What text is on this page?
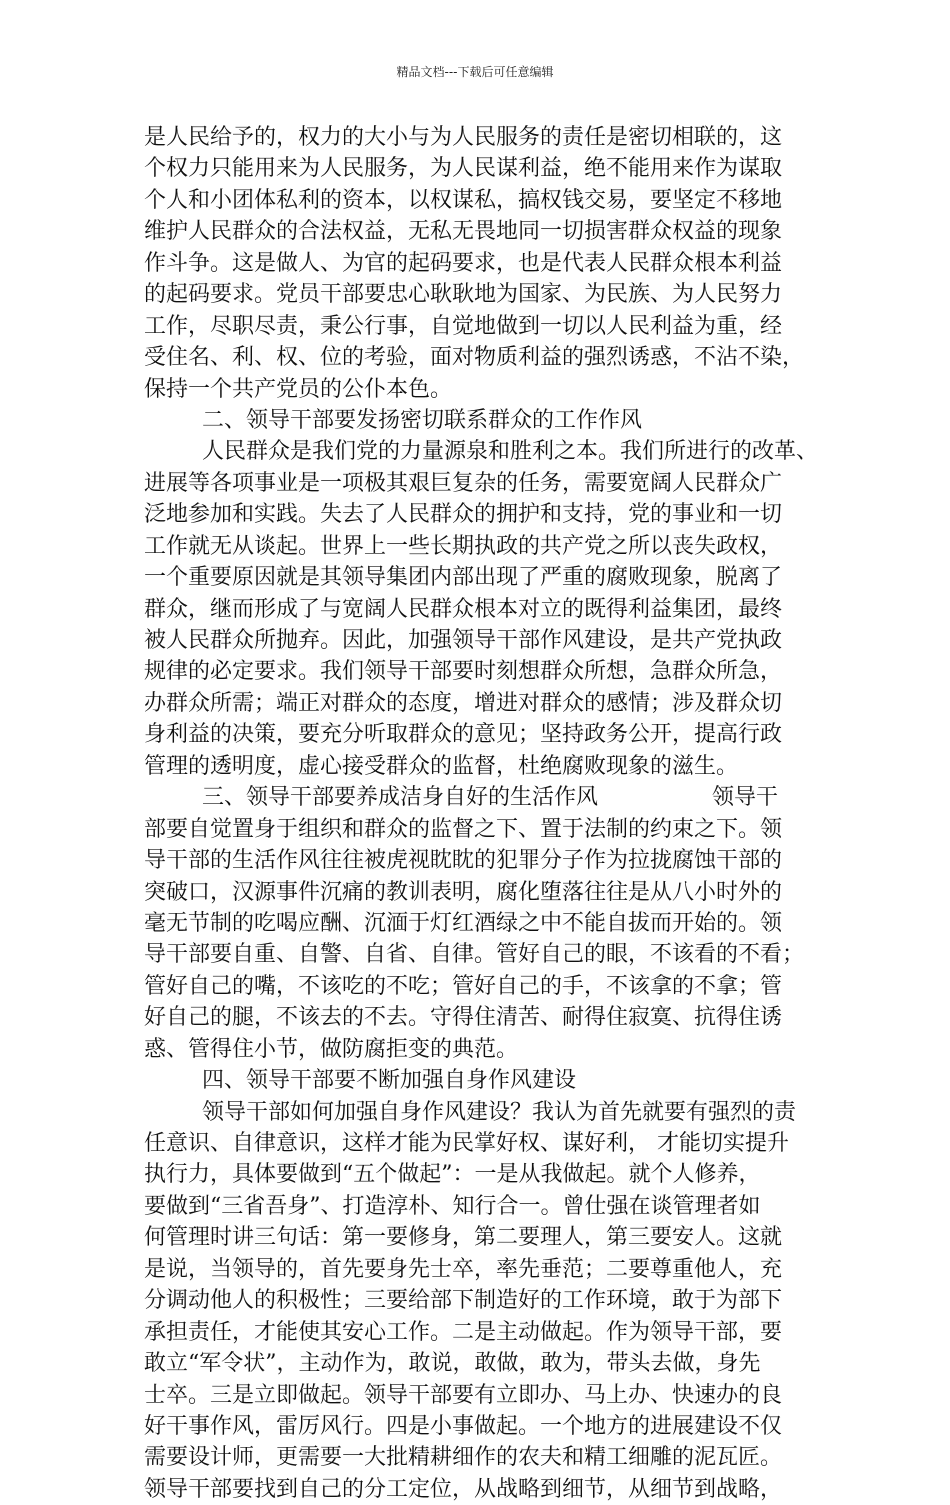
精品文档---下载后可任意编辑
是人民给予的，权力的大小与为人民服务的责任是密切相联的，这
个权力只能用来为人民服务，为人民谋利益，绝不能用来作为谋取
个人和小团体私利的资本，以权谋私，搞权钱交易，要坚定不移地
维护人民群众的合法权益，无私无畏地同一切损害群众权益的现象
作斗争。这是做人、为官的起码要求，也是代表人民群众根本利益
的起码要求。党员干部要忠心耿耿地为国家、为民族、为人民努力
工作，尽职尽责，秉公行事，自觉地做到一切以人民利益为重，经
受住名、利、权、位的考验，面对物质利益的强烈诱惑，不沾不染，
保持一个共产党员的公仆本色。
二、领导干部要发扬密切联系群众的工作作风
人民群众是我们党的力量源泉和胜利之本。我们所进行的改革、
进展等各项事业是一项极其艰巨复杂的任务，需要宽阔人民群众广
泛地参加和实践。失去了人民群众的拥护和支持，党的事业和一切
工作就无从谈起。世界上一些长期执政的共产党之所以丧失政权，
一个重要原因就是其领导集团内部出现了严重的腐败现象，脱离了
群众，继而形成了与宽阔人民群众根本对立的既得利益集团，最终
被人民群众所抛弃。因此，加强领导干部作风建设，是共产党执政
规律的必定要求。我们领导干部要时刻想群众所想，急群众所急，
办群众所需；端正对群众的态度，增进对群众的感情；涉及群众切
身利益的决策，要充分听取群众的意见；坚持政务公开，提高行政
管理的透明度，虚心接受群众的监督，杜绝腐败现象的滋生。
三、领导干部要养成洁身自好的生活作风	领导干
部要自觉置身于组织和群众的监督之下、置于法制的约束之下。领
导干部的生活作风往往被虎视眈眈的犯罪分子作为拉拢腐蚀干部的
突破口，汉源事件沉痛的教训表明，腐化堕落往往是从八小时外的
毫无节制的吃喝应酬、沉湎于灯红酒绿之中不能自拔而开始的。领
导干部要自重、自警、自省、自律。管好自己的眼，不该看的不看；
管好自己的嘴，不该吃的不吃；管好自己的手，不该拿的不拿；管
好自己的腿，不该去的不去。守得住清苦、耐得住寂寞、抗得住诱
惑、管得住小节，做防腐拒变的典范。
四、领导干部要不断加强自身作风建设
领导干部如何加强自身作风建设？我认为首先就要有强烈的责
任意识、自律意识，这样才能为民掌好权、谋好利， 才能切实提升
执行力，具体要做到“五个做起”：一是从我做起。就个人修养，
要做到“三省吾身”、打造淳朴、知行合一。曾仕强在谈管理者如
何管理时讲三句话：第一要修身，第二要理人，第三要安人。这就
是说，当领导的，首先要身先士卒，率先垂范；二要尊重他人，充
分调动他人的积极性；三要给部下制造好的工作环境，敢于为部下
承担责任，才能使其安心工作。二是主动做起。作为领导干部，要
敢立“军令状”，主动作为，敢说，敢做，敢为，带头去做，身先
士卒。三是立即做起。领导干部要有立即办、马上办、快速办的良
好干事作风，雷厉风行。四是小事做起。一个地方的进展建设不仅
需要设计师，更需要一大批精耕细作的农夫和精工细雕的泥瓦匠。
领导干部要找到自己的分工定位，从战略到细节，从细节到战略，
